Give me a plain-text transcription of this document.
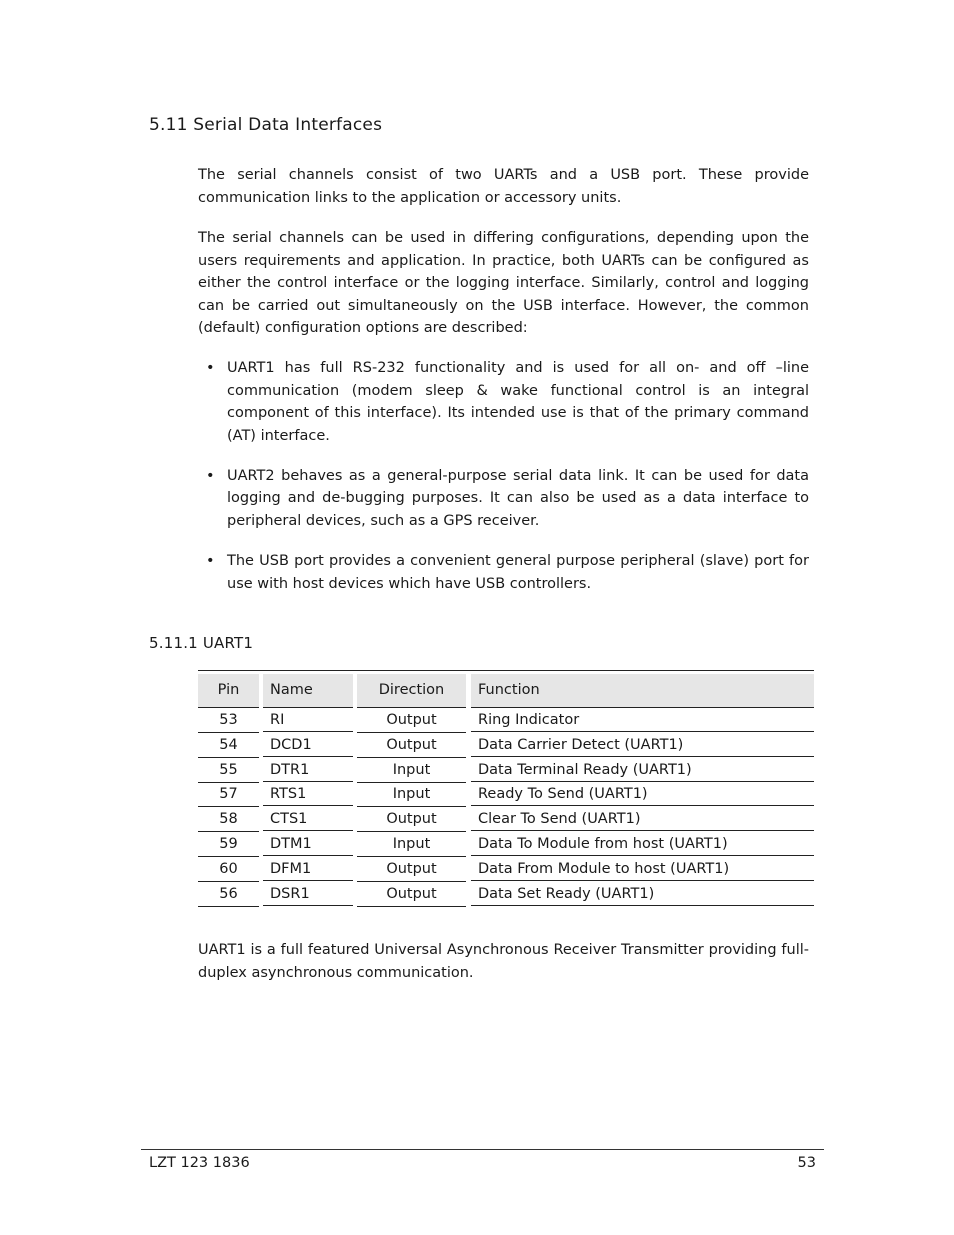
5.11 Serial Data Interfaces

The serial channels consist of two UARTs and a USB port. These provide communication links to the application or accessory units.

The serial channels can be used in differing configurations, depending upon the users requirements and application. In practice, both UARTs can be configured as either the control interface or the logging interface. Similarly, control and logging can be carried out simultaneously on the USB interface. However, the common (default) configuration options are described:

• UART1 has full RS-232 functionality and is used for all on- and off –line communication (modem sleep & wake functional control is an integral component of this interface). Its intended use is that of the primary command (AT) interface.
• UART2 behaves as a general-purpose serial data link. It can be used for data logging and de-bugging purposes. It can also be used as a data interface to peripheral devices, such as a GPS receiver.
• The USB port provides a convenient general purpose peripheral (slave) port for use with host devices which have USB controllers.
5.11.1 UART1
Pin	Name	Direction	Function
53	RI	Output	Ring Indicator
54	DCD1	Output	Data Carrier Detect (UART1)
55	DTR1	Input	Data Terminal Ready (UART1)
57	RTS1	Input	Ready To Send (UART1)
58	CTS1	Output	Clear To Send (UART1)
59	DTM1	Input	Data To Module from host (UART1)
60	DFM1	Output	Data From Module to host (UART1)
56	DSR1	Output	Data Set Ready (UART1)

UART1 is a full featured Universal Asynchronous Receiver Transmitter providing full-duplex asynchronous communication.

LZT 123 1836	53
